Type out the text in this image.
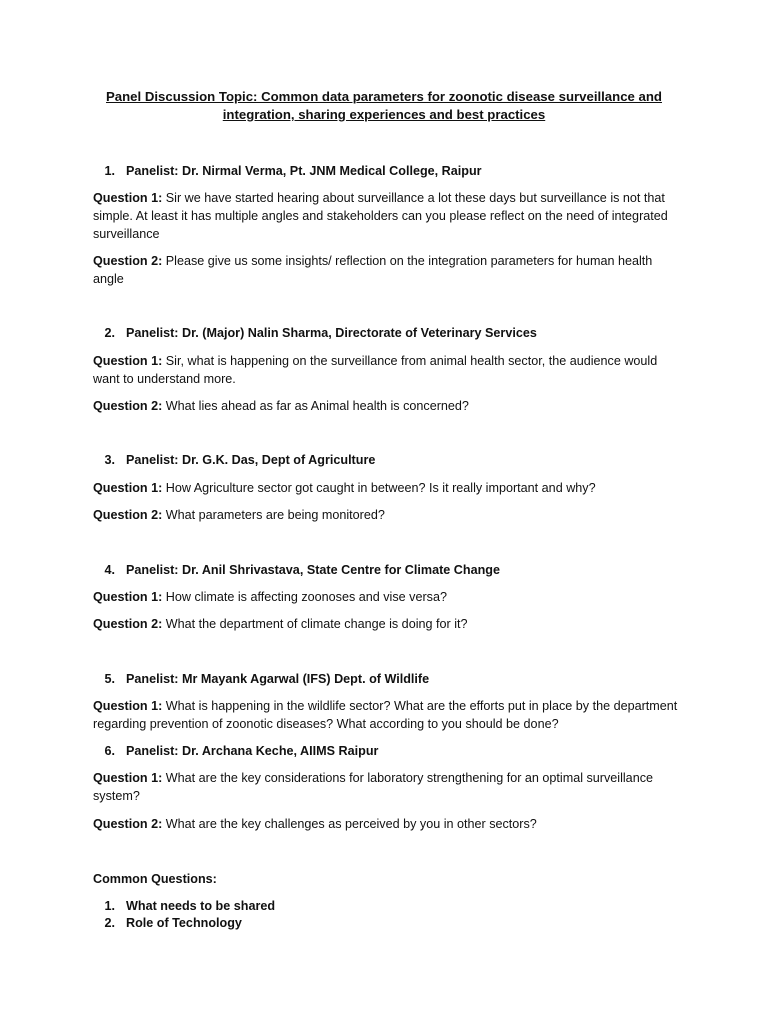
Panel Discussion Topic: Common data parameters for zoonotic disease surveillance and integration, sharing experiences and best practices
1. Panelist: Dr. Nirmal Verma, Pt. JNM Medical College, Raipur
Question 1: Sir we have started hearing about surveillance a lot these days but surveillance is not that simple. At least it has multiple angles and stakeholders can you please reflect on the need of integrated surveillance
Question 2: Please give us some insights/ reflection on the integration parameters for human health angle
2. Panelist: Dr. (Major) Nalin Sharma, Directorate of Veterinary Services
Question 1: Sir, what is happening on the surveillance from animal health sector, the audience would want to understand more.
Question 2: What lies ahead as far as Animal health is concerned?
3. Panelist: Dr. G.K. Das, Dept of Agriculture
Question 1: How Agriculture sector got caught in between? Is it really important and why?
Question 2: What parameters are being monitored?
4. Panelist: Dr. Anil Shrivastava, State Centre for Climate Change
Question 1: How climate is affecting zoonoses and vise versa?
Question 2: What the department of climate change is doing for it?
5. Panelist: Mr Mayank Agarwal (IFS) Dept. of Wildlife
Question 1: What is happening in the wildlife sector? What are the efforts put in place by the department regarding prevention of zoonotic diseases? What according to you should be done?
6. Panelist: Dr. Archana Keche, AIIMS Raipur
Question 1: What are the key considerations for laboratory strengthening for an optimal surveillance system?
Question 2: What are the key challenges as perceived by you in other sectors?
Common Questions:
1. What needs to be shared
2. Role of Technology
